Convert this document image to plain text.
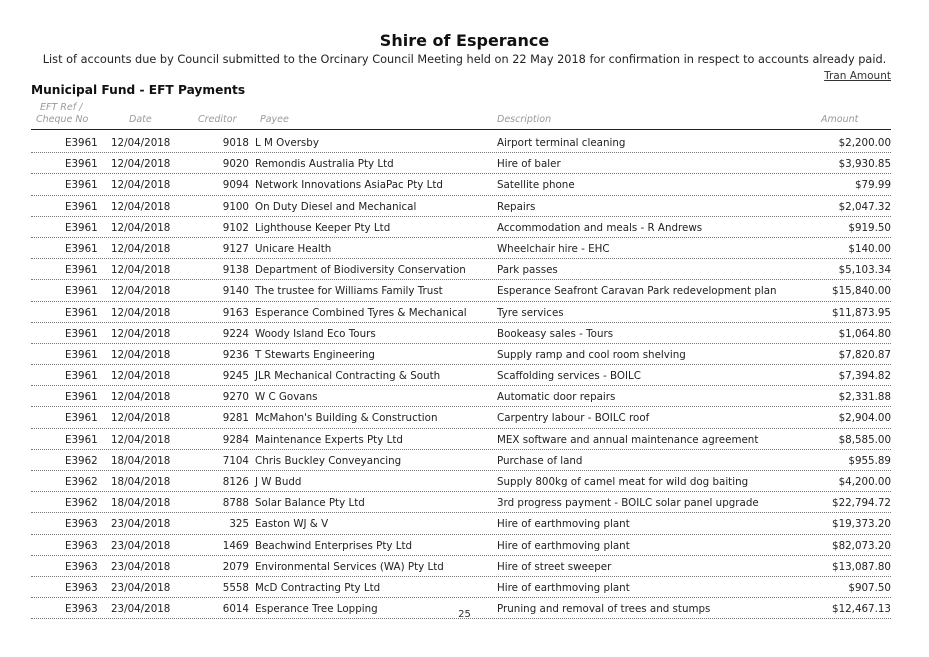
Shire of Esperance
List of accounts due by Council submitted to the Orcinary Council Meeting held on 22 May 2018 for confirmation in respect to accounts already paid.
Tran Amount
Municipal Fund - EFT Payments
EFT Ref /
Cheque No	Date	Creditor Payee	Description	Amount
E3961 12/04/2018	9018 L M Oversby	Airport terminal cleaning	$2,200.00
E3961 12/04/2018	9020 Remondis Australia Pty Ltd	Hire of baler	$3,930.85
E3961 12/04/2018	9094 Network Innovations AsiaPac Pty Ltd	Satellite phone	$79.99
E3961 12/04/2018	9100 On Duty Diesel and Mechanical	Repairs	$2,047.32
E3961 12/04/2018	9102 Lighthouse Keeper Pty Ltd	Accommodation and meals - R Andrews	$919.50
E3961 12/04/2018	9127 Unicare Health	Wheelchair hire - EHC	$140.00
E3961 12/04/2018	9138 Department of Biodiversity Conservation	Park passes	$5,103.34
E3961 12/04/2018	9140 The trustee for Williams Family Trust	Esperance Seafront Caravan Park redevelopment plan	$15,840.00
E3961 12/04/2018	9163 Esperance Combined Tyres & Mechanical	Tyre services	$11,873.95
E3961 12/04/2018	9224 Woody Island Eco Tours	Bookeasy sales - Tours	$1,064.80
E3961 12/04/2018	9236 T Stewarts Engineering	Supply ramp and cool room shelving	$7,820.87
E3961 12/04/2018	9245 JLR Mechanical Contracting & South	Scaffolding services - BOILC	$7,394.82
E3961 12/04/2018	9270 W C Govans	Automatic door repairs	$2,331.88
E3961 12/04/2018	9281 McMahon's Building & Construction	Carpentry labour - BOILC roof	$2,904.00
E3961 12/04/2018	9284 Maintenance Experts Pty Ltd	MEX software and annual maintenance agreement	$8,585.00
E3962 18/04/2018	7104 Chris Buckley Conveyancing	Purchase of land	$955.89
E3962 18/04/2018	8126 J W Budd	Supply 800kg of camel meat for wild dog baiting	$4,200.00
E3962 18/04/2018	8788 Solar Balance Pty Ltd	3rd progress payment - BOILC solar panel upgrade	$22,794.72
E3963 23/04/2018	325 Easton WJ & V	Hire of earthmoving plant	$19,373.20
E3963 23/04/2018	1469 Beachwind Enterprises Pty Ltd	Hire of earthmoving plant	$82,073.20
E3963 23/04/2018	2079 Environmental Services (WA) Pty Ltd	Hire of street sweeper	$13,087.80
E3963 23/04/2018	5558 McD Contracting Pty Ltd	Hire of earthmoving plant	$907.50
E3963 23/04/2018	6014 Esperance Tree Lopping	Pruning and removal of trees and stumps	$12,467.13
25
